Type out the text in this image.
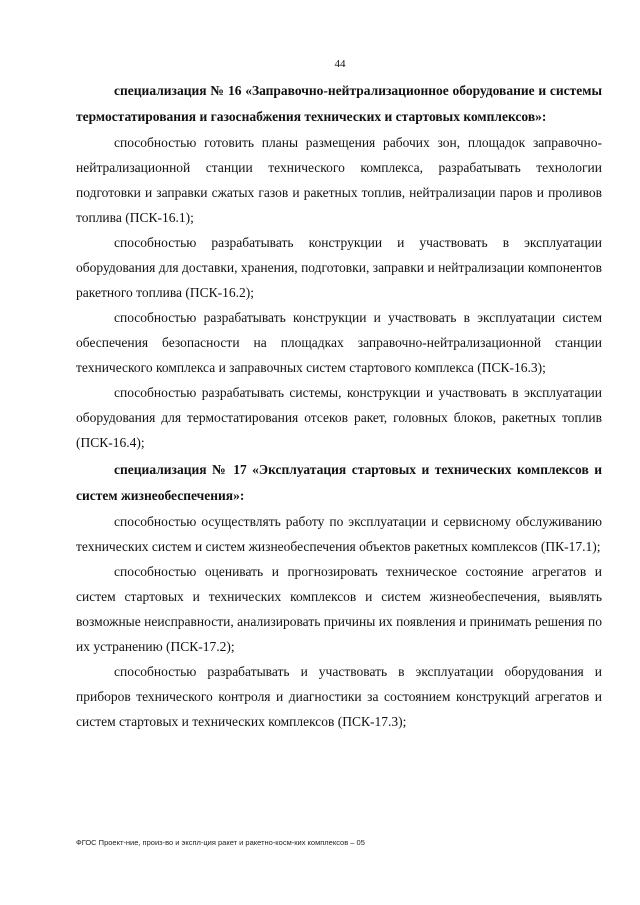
44

специализация № 16 «Заправочно-нейтрализационное оборудование и системы термостатирования и газоснабжения технических и стартовых комплексов»:

способностью готовить планы размещения рабочих зон, площадок заправочно-нейтрализационной станции технического комплекса, разрабатывать технологии подготовки и заправки сжатых газов и ракетных топлив, нейтрализации паров и проливов топлива (ПСК-16.1);

способностью разрабатывать конструкции и участвовать в эксплуатации оборудования для доставки, хранения, подготовки, заправки и нейтрализации компонентов ракетного топлива (ПСК-16.2);

способностью разрабатывать конструкции и участвовать в эксплуатации систем обеспечения безопасности на площадках заправочно-нейтрализационной станции технического комплекса и заправочных систем стартового комплекса (ПСК-16.3);

способностью разрабатывать системы, конструкции и участвовать в эксплуатации оборудования для термостатирования отсеков ракет, головных блоков, ракетных топлив (ПСК-16.4);

специализация № 17 «Эксплуатация стартовых и технических комплексов и систем жизнеобеспечения»:

способностью осуществлять работу по эксплуатации и сервисному обслуживанию технических систем и систем жизнеобеспечения объектов ракетных комплексов (ПК-17.1);

способностью оценивать и прогнозировать техническое состояние агрегатов и систем стартовых и технических комплексов и систем жизнеобеспечения, выявлять возможные неисправности, анализировать причины их появления и принимать решения по их устранению (ПСК-17.2);

способностью разрабатывать и участвовать в эксплуатации оборудования и приборов технического контроля и диагностики за состоянием конструкций агрегатов и систем стартовых и технических комплексов (ПСК-17.3);

ФГОС Проект-ние, произ-во и экспл-ция ракет и ракетно-косм-ких комплексов – 05
